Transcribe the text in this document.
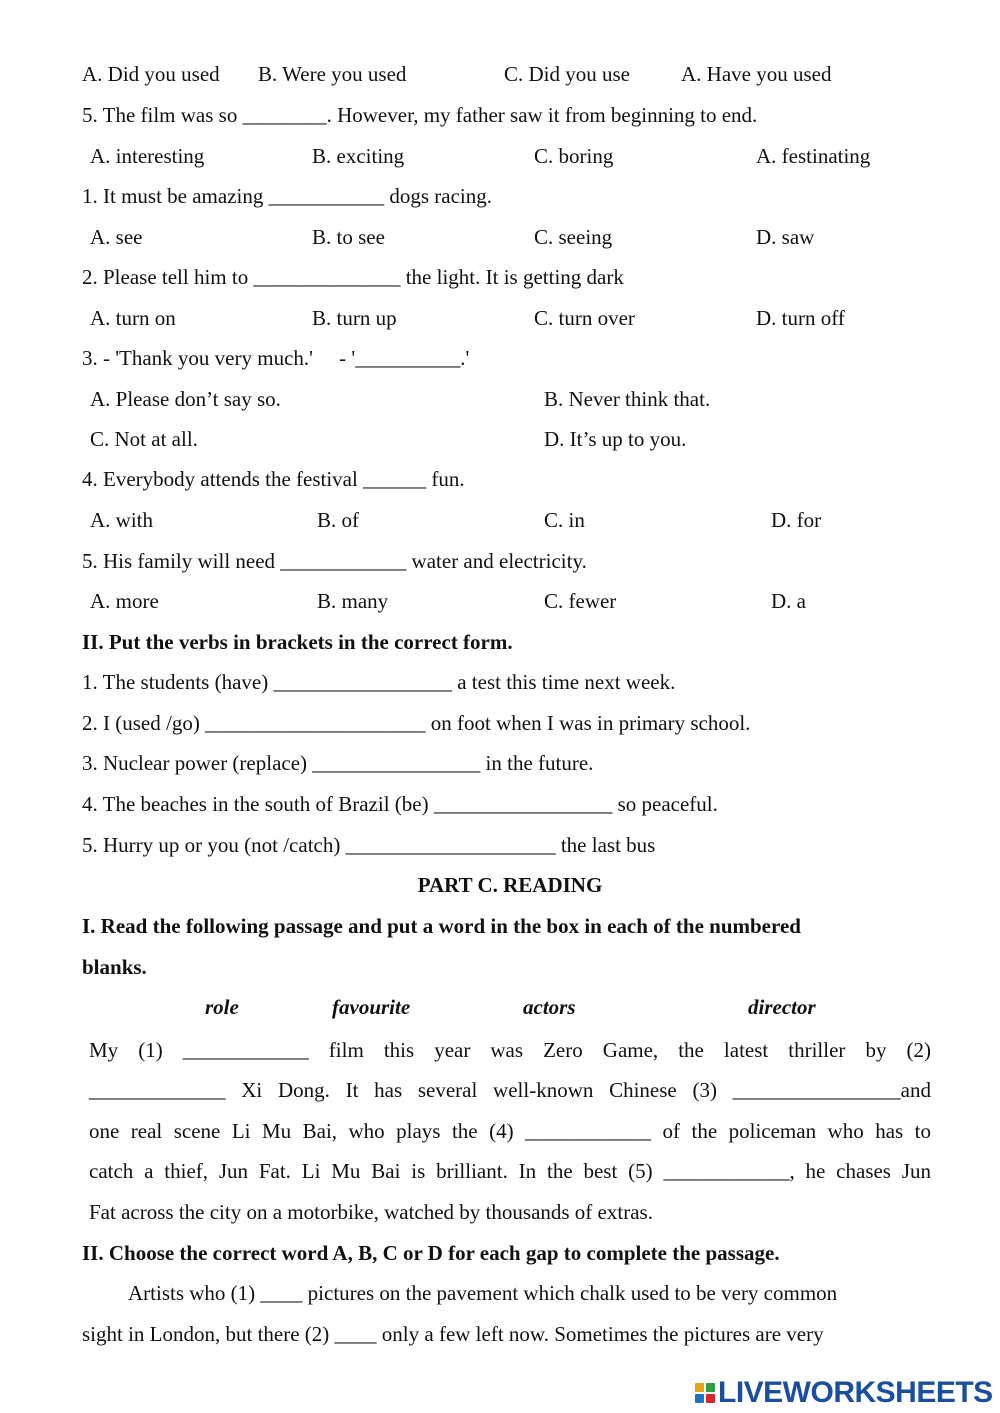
A. Did you used B. Were you used	C. Did you use A. Have you used
5. The film was so ________. However, my father saw it from beginning to end.
A. interesting	B. exciting	C. boring	A. festinating
1. It must be amazing ___________ dogs racing.
A. see	B. to see	C. seeing	D. saw
2. Please tell him to ______________ the light. It is getting dark
A. turn on	B. turn up	C. turn over	D. turn off
3. - 'Thank you very much.'     - '__________.'
A. Please don’t say so.	B. Never think that.
C. Not at all.	D. It’s up to you.
4. Everybody attends the festival ______ fun.
A. with	B. of	C. in	D. for
5. His family will need ____________ water and electricity.
A. more	B. many	C. fewer	D. a
II. Put the verbs in brackets in the correct form.
1. The students (have) _________________ a test this time next week.
2. I (used /go) _____________________ on foot when I was in primary school.
3. Nuclear power (replace) ________________ in the future.
4. The beaches in the south of Brazil (be) _________________ so peaceful.
5. Hurry up or you (not /catch) ____________________ the last bus
PART C. READING
I. Read the following passage and put a word in the box in each of the numbered
blanks.
role	favourite	actors	director
My (1) ____________ film this year was Zero Game, the latest thriller by (2)
_____________ Xi Dong. It has several well-known Chinese (3) ________________and
one real scene Li Mu Bai, who plays the (4) ____________ of the policeman who has to
catch a thief, Jun Fat. Li Mu Bai is brilliant. In the best (5) ____________, he chases Jun
Fat across the city on a motorbike, watched by thousands of extras.
II. Choose the correct word A, B, C or D for each gap to complete the passage.
Artists who (1) ____ pictures on the pavement which chalk used to be very common
sight in London, but there (2) ____ only a few left now. Sometimes the pictures are very
LIVEWORKSHEETS
